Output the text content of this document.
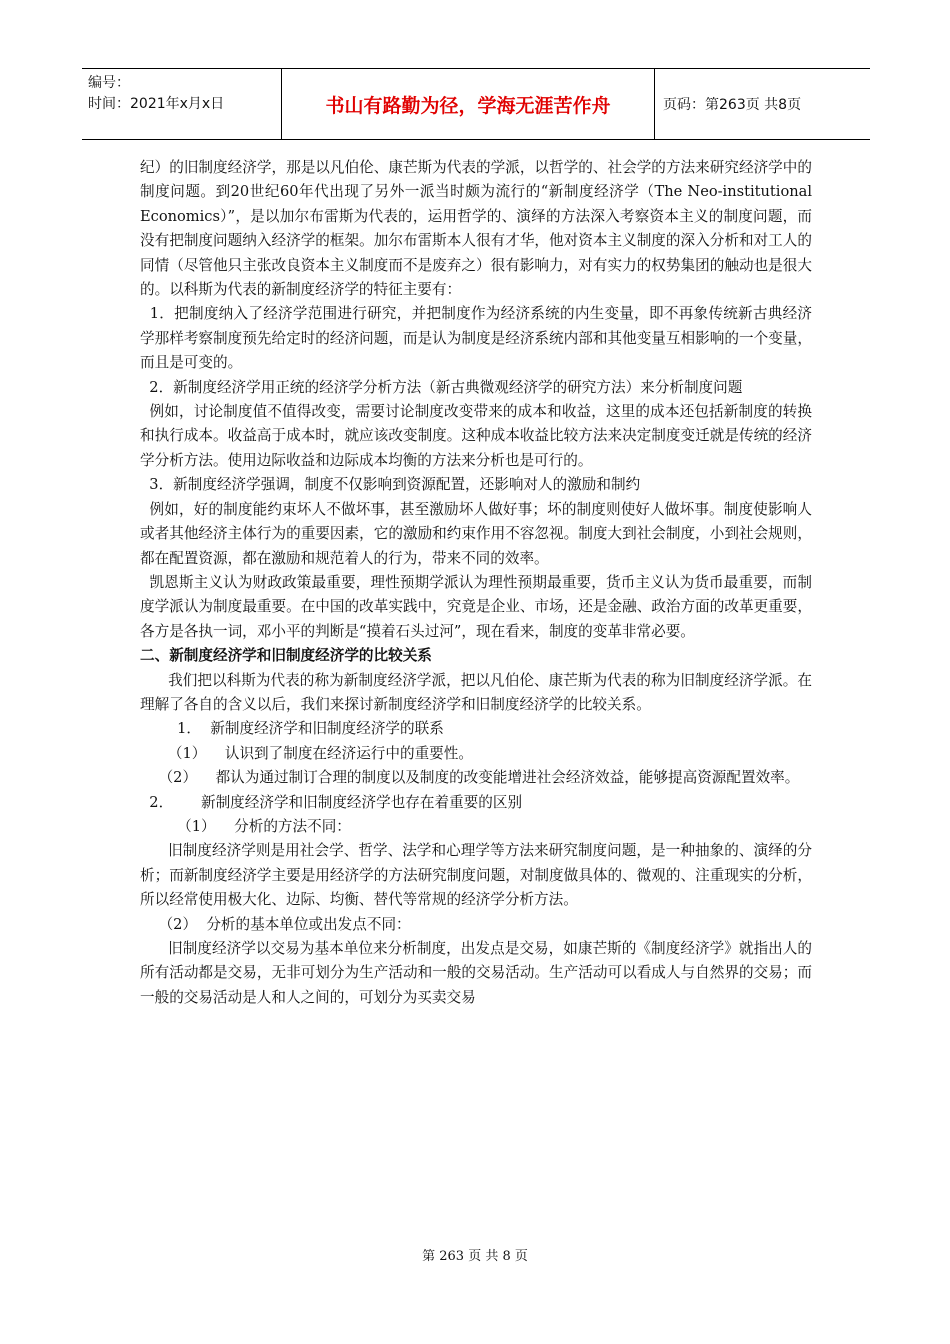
编号：
时间：2021年x月x日	书山有路勤为径，学海无涯苦作舟	页码：第263页 共8页

纪）的旧制度经济学，那是以凡伯伦、康芒斯为代表的学派，以哲学的、社会学的方法来研究经济学中的制度问题。到20世纪60年代出现了另外一派当时颇为流行的“新制度经济学（The Neo-institutional Economics）”，是以加尔布雷斯为代表的，运用哲学的、演绎的方法深入考察资本主义的制度问题，而没有把制度问题纳入经济学的框架。加尔布雷斯本人很有才华，他对资本主义制度的深入分析和对工人的同情（尽管他只主张改良资本主义制度而不是废弃之）很有影响力，对有实力的权势集团的触动也是很大的。以科斯为代表的新制度经济学的特征主要有：

1．把制度纳入了经济学范围进行研究，并把制度作为经济系统的内生变量，即不再象传统新古典经济学那样考察制度预先给定时的经济问题，而是认为制度是经济系统内部和其他变量互相影响的一个变量，而且是可变的。

2．新制度经济学用正统的经济学分析方法（新古典微观经济学的研究方法）来分析制度问题

例如，讨论制度值不值得改变，需要讨论制度改变带来的成本和收益，这里的成本还包括新制度的转换和执行成本。收益高于成本时，就应该改变制度。这种成本收益比较方法来决定制度变迁就是传统的经济学分析方法。使用边际收益和边际成本均衡的方法来分析也是可行的。

3．新制度经济学强调，制度不仅影响到资源配置，还影响对人的激励和制约

例如，好的制度能约束坏人不做坏事，甚至激励坏人做好事；坏的制度则使好人做坏事。制度使影响人或者其他经济主体行为的重要因素，它的激励和约束作用不容忽视。制度大到社会制度，小到社会规则，都在配置资源，都在激励和规范着人的行为，带来不同的效率。

凯恩斯主义认为财政政策最重要，理性预期学派认为理性预期最重要，货币主义认为货币最重要，而制度学派认为制度最重要。在中国的改革实践中，究竟是企业、市场，还是金融、政治方面的改革更重要，各方是各执一词，邓小平的判断是“摸着石头过河”，现在看来，制度的变革非常必要。

二、新制度经济学和旧制度经济学的比较关系

我们把以科斯为代表的称为新制度经济学派，把以凡伯伦、康芒斯为代表的称为旧制度经济学派。在理解了各自的含义以后，我们来探讨新制度经济学和旧制度经济学的比较关系。

1．  新制度经济学和旧制度经济学的联系

（1）    认识到了制度在经济运行中的重要性。

（2）    都认为通过制订合理的制度以及制度的改变能增进社会经济效益，能够提高资源配置效率。

2．      新制度经济学和旧制度经济学也存在着重要的区别

（1）    分析的方法不同：

旧制度经济学则是用社会学、哲学、法学和心理学等方法来研究制度问题，是一种抽象的、演绎的分析；而新制度经济学主要是用经济学的方法研究制度问题，对制度做具体的、微观的、注重现实的分析，所以经常使用极大化、边际、均衡、替代等常规的经济学分析方法。

（2）  分析的基本单位或出发点不同：

旧制度经济学以交易为基本单位来分析制度，出发点是交易，如康芒斯的《制度经济学》就指出人的所有活动都是交易，无非可划分为生产活动和一般的交易活动。生产活动可以看成人与自然界的交易；而一般的交易活动是人和人之间的，可划分为买卖交易

第 263 页 共 8 页
